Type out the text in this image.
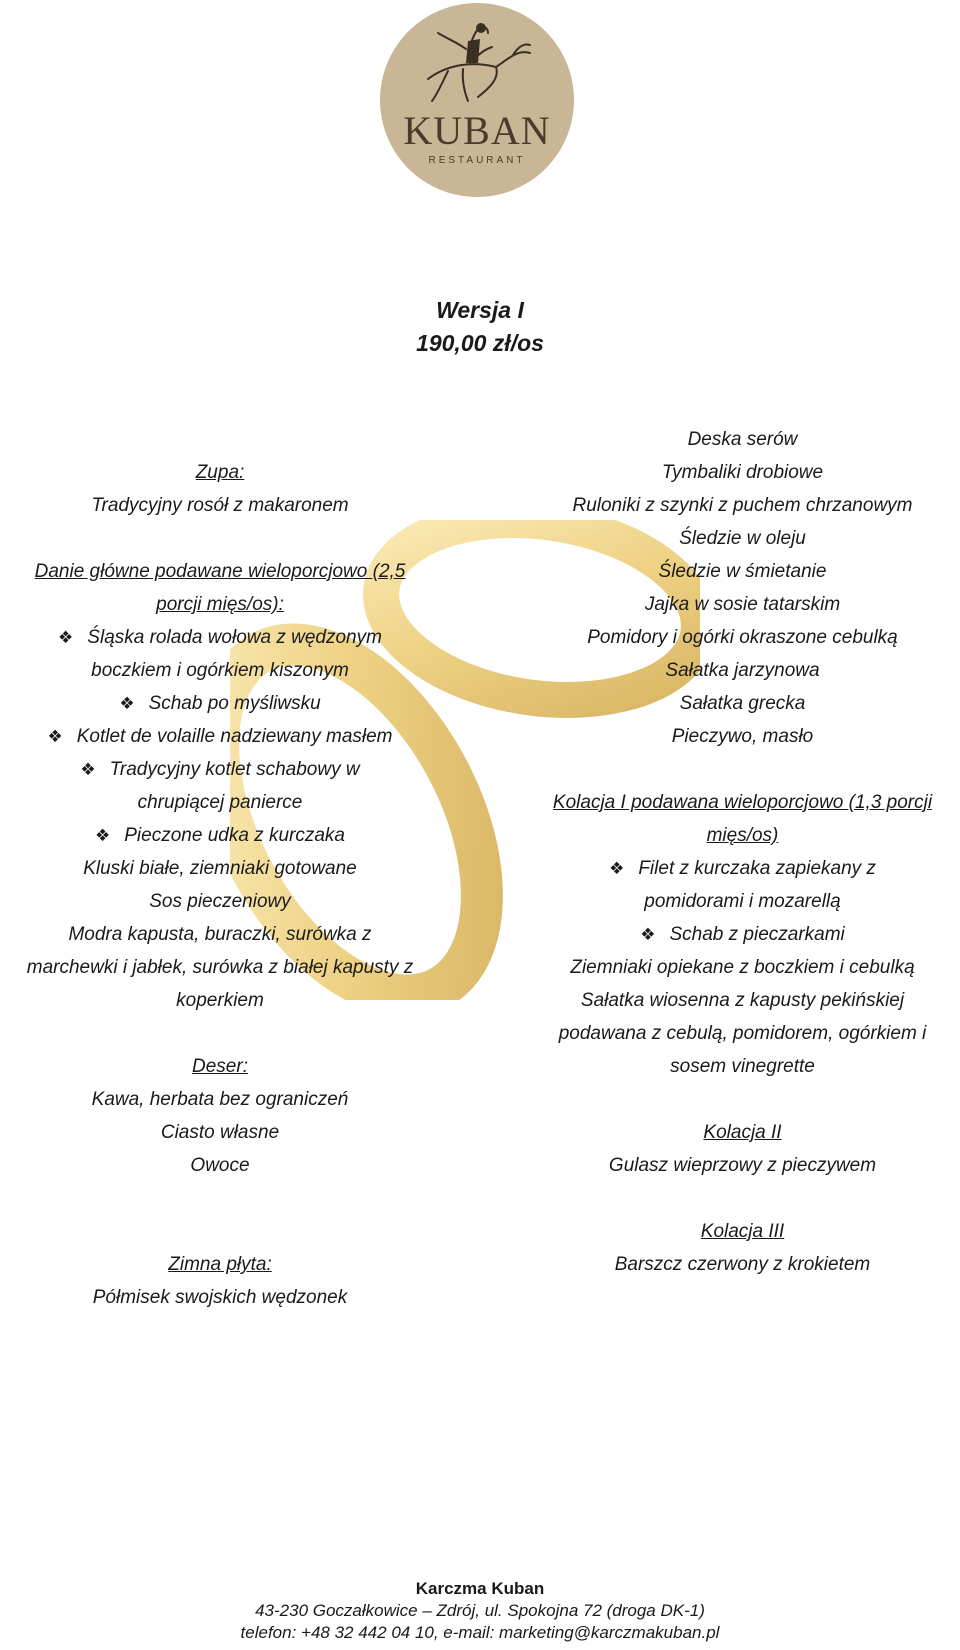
KUBAN
RESTAURANT
Wersja I
190,00 zł/os

Zupa:

Tradycyjny rosół z makaronem

Danie główne podawane wieloporcjowo (2,5

porcji mięs/os):

❖ Śląska rolada wołowa z wędzonym

boczkiem i ogórkiem kiszonym

❖ Schab po myśliwsku

❖ Kotlet de volaille nadziewany masłem

❖ Tradycyjny kotlet schabowy w

chrupiącej panierce

❖ Pieczone udka z kurczaka

Kluski białe, ziemniaki gotowane

Sos pieczeniowy

Modra kapusta, buraczki, surówka z

marchewki i jabłek, surówka z białej kapusty z

koperkiem

Deser:

Kawa, herbata bez ograniczeń

Ciasto własne

Owoce

Zimna płyta:

Półmisek swojskich wędzonek

Deska serów

Tymbaliki drobiowe

Ruloniki z szynki z puchem chrzanowym

Śledzie w oleju

Śledzie w śmietanie

Jajka w sosie tatarskim

Pomidory i ogórki okraszone cebulką

Sałatka jarzynowa

Sałatka grecka

Pieczywo, masło

Kolacja I podawana wieloporcjowo (1,3 porcji

mięs/os)

❖ Filet z kurczaka zapiekany z

pomidorami i mozarellą

❖ Schab z pieczarkami

Ziemniaki opiekane z boczkiem i cebulką

Sałatka wiosenna z kapusty pekińskiej

podawana z cebulą, pomidorem, ogórkiem i

sosem vinegrette

Kolacja II

Gulasz wieprzowy z pieczywem

Kolacja III

Barszcz czerwony z krokietem

Karczma Kuban
43-230 Goczałkowice – Zdrój, ul. Spokojna 72 (droga DK-1)
telefon: +48 32 442 04 10, e-mail: marketing@karczmakuban.pl
